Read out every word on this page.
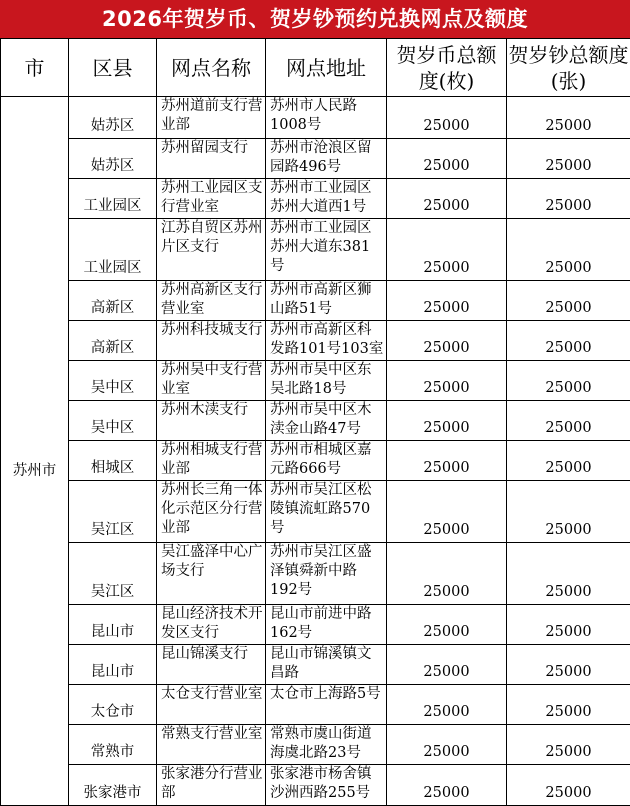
2026年贺岁币、贺岁钞预约兑换网点及额度
市	区县	网点名称	网点地址	贺岁币总额度(枚)	贺岁钞总额度(张)
苏州市	姑苏区	苏州道前支行营业部	苏州市人民路1008号	25000	25000
	姑苏区	苏州留园支行	苏州市沧浪区留园路496号	25000	25000
	工业园区	苏州工业园区支行营业室	苏州市工业园区苏州大道西1号	25000	25000
	工业园区	江苏自贸区苏州片区支行	苏州市工业园区苏州大道东381号	25000	25000
	高新区	苏州高新区支行营业室	苏州市高新区狮山路51号	25000	25000
	高新区	苏州科技城支行	苏州市高新区科发路101号103室	25000	25000
	吴中区	苏州吴中支行营业室	苏州市吴中区东吴北路18号	25000	25000
	吴中区	苏州木渎支行	苏州市吴中区木渎金山路47号	25000	25000
	相城区	苏州相城支行营业部	苏州市相城区嘉元路666号	25000	25000
	吴江区	苏州长三角一体化示范区分行营业部	苏州市吴江区松陵镇流虹路570号	25000	25000
	吴江区	吴江盛泽中心广场支行	苏州市吴江区盛泽镇舜新中路192号	25000	25000
	昆山市	昆山经济技术开发区支行	昆山市前进中路162号	25000	25000
	昆山市	昆山锦溪支行	昆山市锦溪镇文昌路	25000	25000
	太仓市	太仓支行营业室	太仓市上海路5号	25000	25000
	常熟市	常熟支行营业室	常熟市虞山街道海虞北路23号	25000	25000
	张家港市	张家港分行营业部	张家港市杨舍镇沙洲西路255号	25000	25000
